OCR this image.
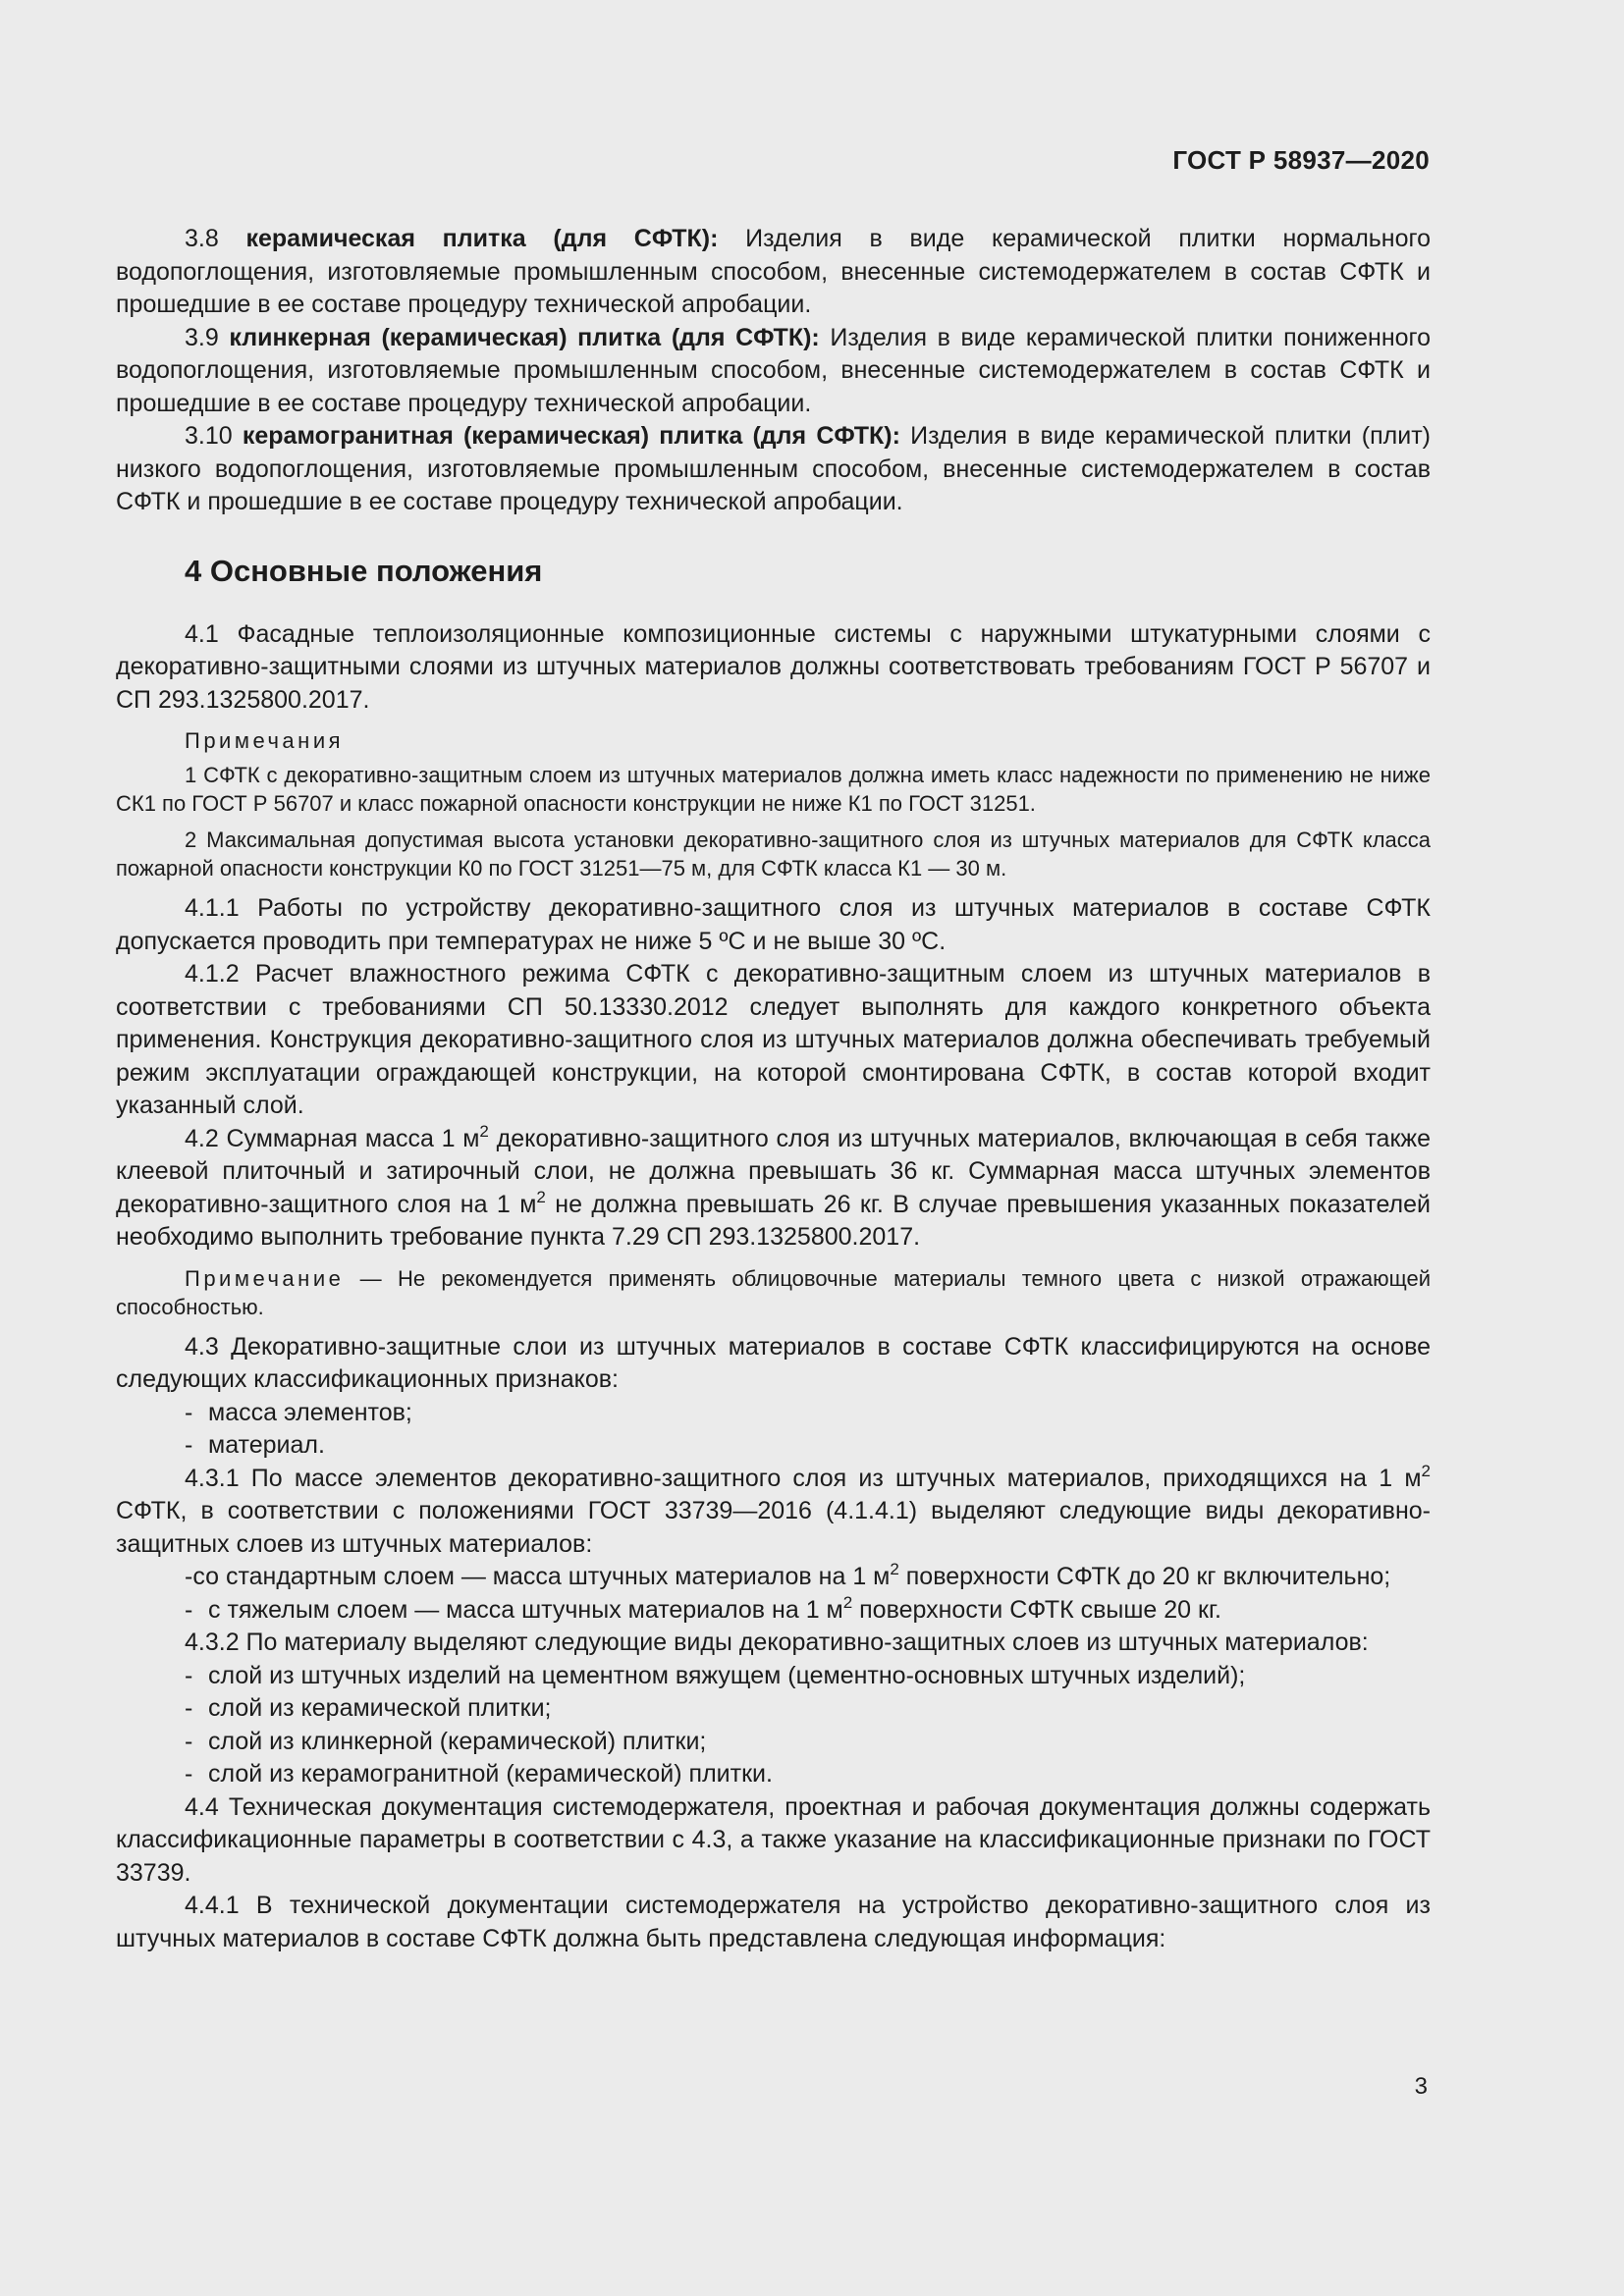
ГОСТ Р 58937—2020

3.8 керамическая плитка (для СФТК): Изделия в виде керамической плитки нормального водопоглощения, изготовляемые промышленным способом, внесенные системодержателем в состав СФТК и прошедшие в ее составе процедуру технической апробации.

3.9 клинкерная (керамическая) плитка (для СФТК): Изделия в виде керамической плитки пониженного водопоглощения, изготовляемые промышленным способом, внесенные системодержателем в состав СФТК и прошедшие в ее составе процедуру технической апробации.

3.10 керамогранитная (керамическая) плитка (для СФТК): Изделия в виде керамической плитки (плит) низкого водопоглощения, изготовляемые промышленным способом, внесенные системодержателем в состав СФТК и прошедшие в ее составе процедуру технической апробации.

4 Основные положения

4.1 Фасадные теплоизоляционные композиционные системы с наружными штукатурными слоями с декоративно-защитными слоями из штучных материалов должны соответствовать требованиям ГОСТ Р 56707 и СП 293.1325800.2017.

Примечания

1 СФТК с декоративно-защитным слоем из штучных материалов должна иметь класс надежности по применению не ниже СК1 по ГОСТ Р 56707 и класс пожарной опасности конструкции не ниже К1 по ГОСТ 31251.

2 Максимальная допустимая высота установки декоративно-защитного слоя из штучных материалов для СФТК класса пожарной опасности конструкции К0 по ГОСТ 31251—75 м, для СФТК класса К1 — 30 м.

4.1.1 Работы по устройству декоративно-защитного слоя из штучных материалов в составе СФТК допускается проводить при температурах не ниже 5 ºС и не выше 30 ºС.

4.1.2 Расчет влажностного режима СФТК с декоративно-защитным слоем из штучных материалов в соответствии с требованиями СП 50.13330.2012 следует выполнять для каждого конкретного объекта применения. Конструкция декоративно-защитного слоя из штучных материалов должна обеспечивать требуемый режим эксплуатации ограждающей конструкции, на которой смонтирована СФТК, в состав которой входит указанный слой.

4.2 Суммарная масса 1 $м^2$ декоративно-защитного слоя из штучных материалов, включающая в себя также клеевой плиточный и затирочный слои, не должна превышать 36 кг. Суммарная масса штучных элементов декоративно-защитного слоя на 1 $м^2$ не должна превышать 26 кг. В случае превышения указанных показателей необходимо выполнить требование пункта 7.29 СП 293.1325800.2017.

Примечание — Не рекомендуется применять облицовочные материалы темного цвета с низкой отражающей способностью.

4.3 Декоративно-защитные слои из штучных материалов в составе СФТК классифицируются на основе следующих классификационных признаков:

- масса элементов;

- материал.

4.3.1 По массе элементов декоративно-защитного слоя из штучных материалов, приходящихся на 1 $м^2$ СФТК, в соответствии с положениями ГОСТ 33739—2016 (4.1.4.1) выделяют следующие виды декоративно-защитных слоев из штучных материалов:

-со стандартным слоем — масса штучных материалов на 1 $м^2$ поверхности СФТК до 20 кг включительно;

- с тяжелым слоем — масса штучных материалов на 1 $м^2$ поверхности СФТК свыше 20 кг.

4.3.2 По материалу выделяют следующие виды декоративно-защитных слоев из штучных материалов:

- слой из штучных изделий на цементном вяжущем (цементно-основных штучных изделий);

- слой из керамической плитки;

- слой из клинкерной (керамической) плитки;

- слой из керамогранитной (керамической) плитки.

4.4 Техническая документация системодержателя, проектная и рабочая документация должны содержать классификационные параметры в соответствии с 4.3, а также указание на классификационные признаки по ГОСТ 33739.

4.4.1 В технической документации системодержателя на устройство декоративно-защитного слоя из штучных материалов в составе СФТК должна быть представлена следующая информация:

3
